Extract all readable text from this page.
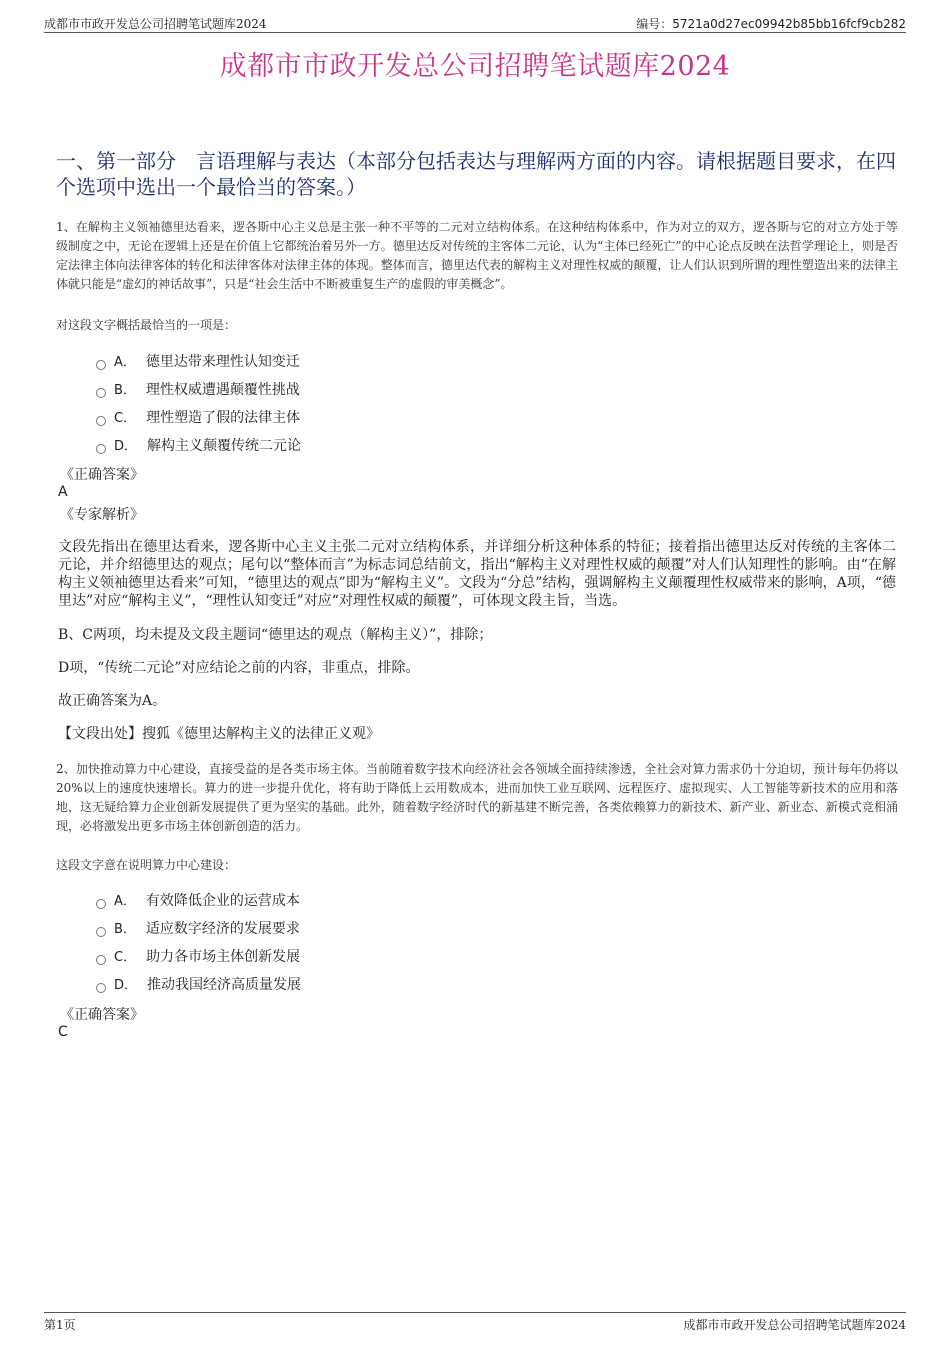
成都市市政开发总公司招聘笔试题库2024	编号：5721a0d27ec09942b85bb16fcf9cb282
成都市市政开发总公司招聘笔试题库2024
一、第一部分　言语理解与表达（本部分包括表达与理解两方面的内容。请根据题目要求，在四个选项中选出一个最恰当的答案。）
1、在解构主义领袖德里达看来，逻各斯中心主义总是主张一种不平等的二元对立结构体系。在这种结构体系中，作为对立的双方，逻各斯与它的对立方处于等级制度之中，无论在逻辑上还是在价值上它都统治着另外一方。德里达反对传统的主客体二元论，认为“主体已经死亡”的中心论点反映在法哲学理论上，则是否定法律主体向法律客体的转化和法律客体对法律主体的体现。整体而言，德里达代表的解构主义对理性权威的颠覆，让人们认识到所谓的理性塑造出来的法律主体就只能是“虚幻的神话故事”，只是“社会生活中不断被重复生产的虚假的审美概念”。
对这段文字概括最恰当的一项是：
A． 德里达带来理性认知变迁
B． 理性权威遭遇颠覆性挑战
C． 理性塑造了假的法律主体
D． 解构主义颠覆传统二元论
《正确答案》
A
《专家解析》
文段先指出在德里达看来，逻各斯中心主义主张二元对立结构体系，并详细分析这种体系的特征；接着指出德里达反对传统的主客体二元论，并介绍德里达的观点；尾句以“整体而言”为标志词总结前文，指出“解构主义对理性权威的颠覆”对人们认知理性的影响。由“在解构主义领袖德里达看来”可知，“德里达的观点”即为“解构主义”。文段为“分总”结构，强调解构主义颠覆理性权威带来的影响，A项，“德里达”对应“解构主义”，“理性认知变迁”对应“对理性权威的颠覆”，可体现文段主旨，当选。
B、C两项，均未提及文段主题词“德里达的观点（解构主义）”，排除；
D项，“传统二元论”对应结论之前的内容，非重点，排除。
故正确答案为A。
【文段出处】搜狐《德里达解构主义的法律正义观》
2、加快推动算力中心建设，直接受益的是各类市场主体。当前随着数字技术向经济社会各领域全面持续渗透，全社会对算力需求仍十分迫切，预计每年仍将以20%以上的速度快速增长。算力的进一步提升优化，将有助于降低上云用数成本，进而加快工业互联网、远程医疗、虚拟现实、人工智能等新技术的应用和落地，这无疑给算力企业创新发展提供了更为坚实的基础。此外，随着数字经济时代的新基建不断完善，各类依赖算力的新技术、新产业、新业态、新模式竞相涌现，必将激发出更多市场主体创新创造的活力。
这段文字意在说明算力中心建设：
A． 有效降低企业的运营成本
B． 适应数字经济的发展要求
C． 助力各市场主体创新发展
D． 推动我国经济高质量发展
《正确答案》
C
第1页	成都市市政开发总公司招聘笔试题库2024
